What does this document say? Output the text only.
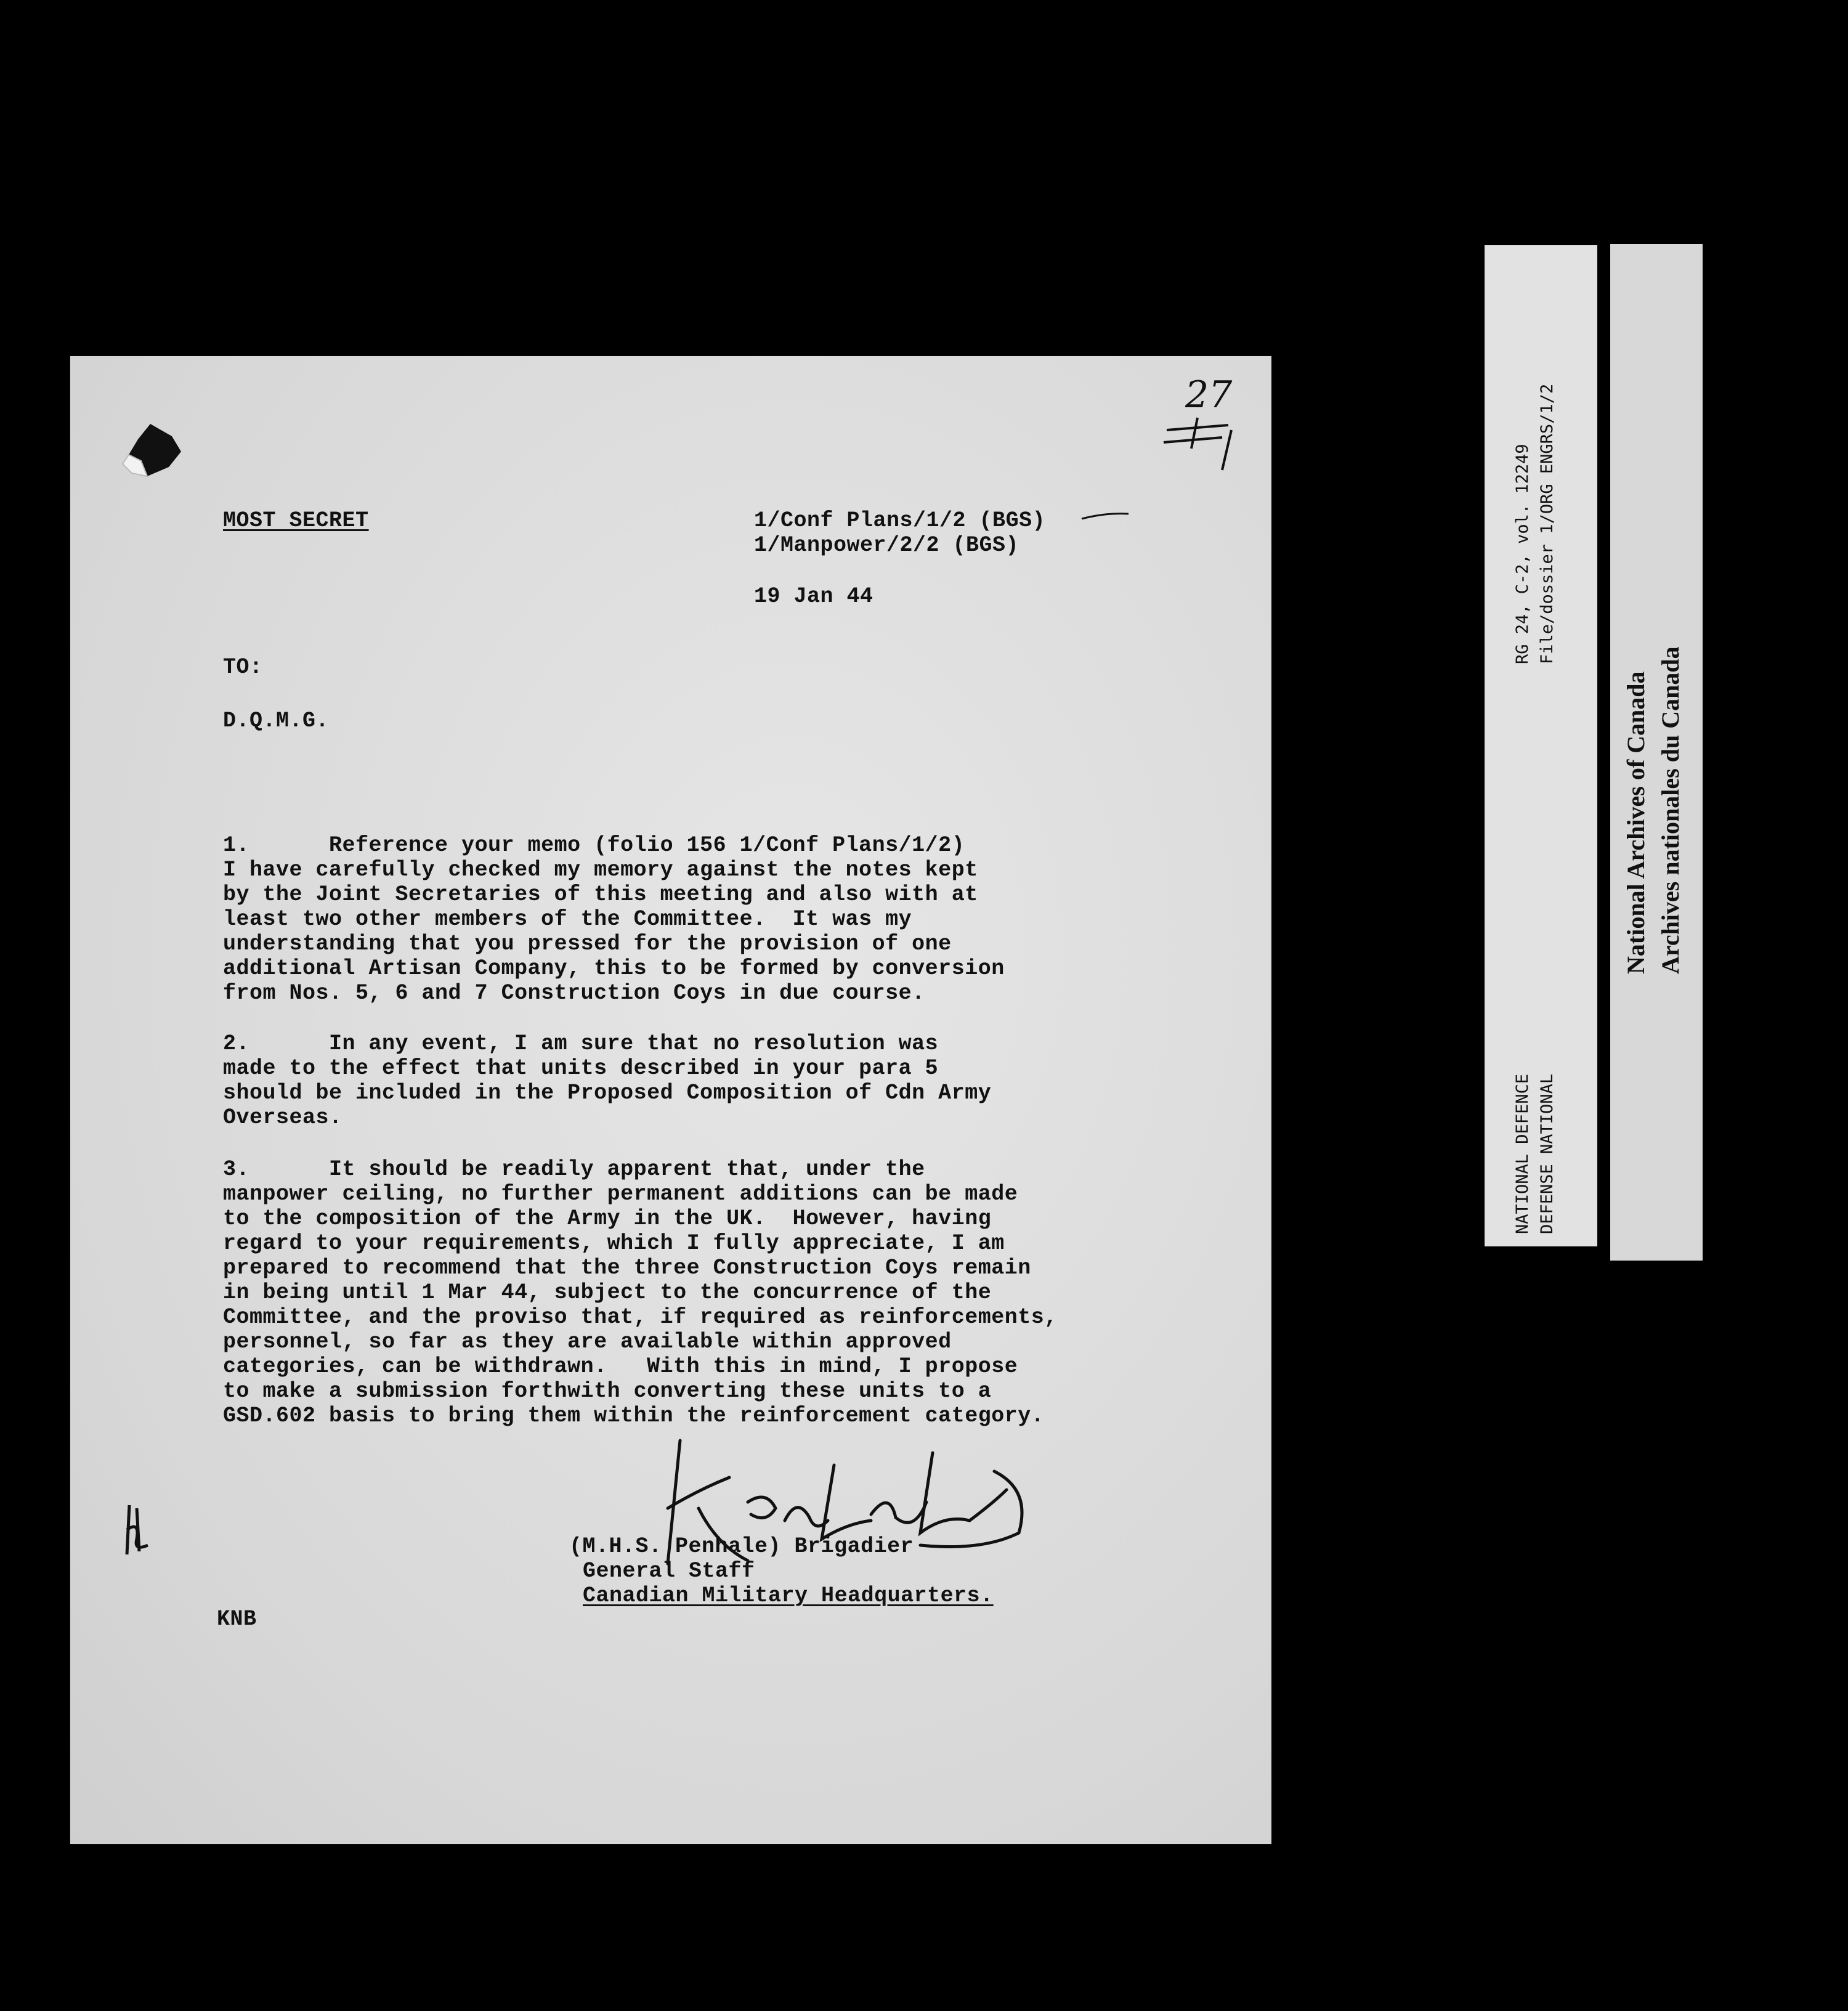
MOST SECRET	1/Conf Plans/1/2 (BGS)
1/Manpower/2/2 (BGS)
27
19 Jan 44
TO:
D.Q.M.G.
1.      Reference your memo (folio 156 1/Conf Plans/1/2)
I have carefully checked my memory against the notes kept
by the Joint Secretaries of this meeting and also with at
least two other members of the Committee.  It was my
understanding that you pressed for the provision of one
additional Artisan Company, this to be formed by conversion
from Nos. 5, 6 and 7 Construction Coys in due course.
2.      In any event, I am sure that no resolution was
made to the effect that units described in your para 5
should be included in the Proposed Composition of Cdn Army
Overseas.
3.      It should be readily apparent that, under the
manpower ceiling, no further permanent additions can be made
to the composition of the Army in the UK.  However, having
regard to your requirements, which I fully appreciate, I am
prepared to recommend that the three Construction Coys remain
in being until 1 Mar 44, subject to the concurrence of the
Committee, and the proviso that, if required as reinforcements,
personnel, so far as they are available within approved
categories, can be withdrawn.   With this in mind, I propose
to make a submission forthwith converting these units to a
GSD.602 basis to bring them within the reinforcement category.
(M.H.S. Penhale) Brigadier
General Staff
Canadian Military Headquarters.
KNB
RG 24, C-2, vol. 12249 File/dossier 1/ORG ENGRS/1/2
NATIONAL DEFENCE DEFENSE NATIONAL
National Archives of Canada Archives nationales du Canada
